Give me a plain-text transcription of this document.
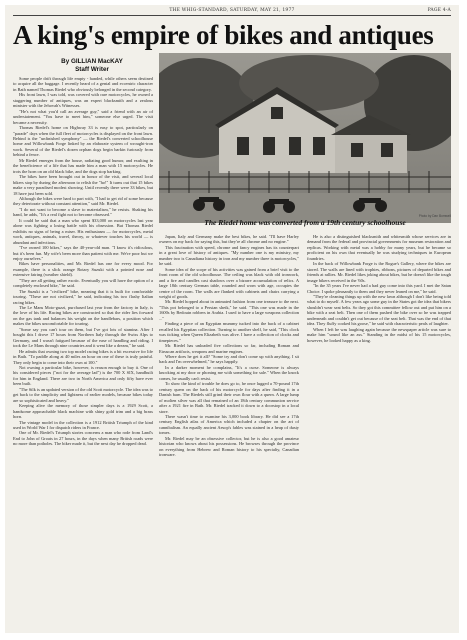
THE WHIG-STANDARD, SATURDAY, MAY 21, 1977	PAGE 4-A
A king's empire of bikes and antiques
By GILLIAN MacKAY
Staff Writer
Photo by Dan Bomwell
The Riedel home was converted from a 19th century schoolhouse

Some people drift through life empty - handed, while others seem destined to acquire all the baggage. I recently heard of a genial and eccentric character in Bath named Thomas Riedel who obviously belonged in the second category.

His front lawn, I was told, was covered with rare motorcycles, he owned a staggering number of antiques, was an expert blacksmith and a zealous minister with the Jehovah's Witnesses.

"He's not what you'd call an average guy," said a friend with an air of understatement. "You have to meet him," someone else urged. The visit became a necessity.

Thomas Riedel's home on Highway 33 is easy to spot, particularly on "parade" days when the full fleet of motorcycles is displayed on the front lawn. Behind is the "unfinished symphony" — the Riedel's converted schoolhouse home and Willowbank Forge linked by an elaborate system of wrought-iron work. Several of the Riedel's dozen orphan dogs begin barkin furiously from behind a fence.

Mr Riedel emerges from the house, radiating good humor, and exulting in the beneficience of a life that has made him a man with 15 motorcycles. He trots the horn on an old black bike, and the dogs stop barking.

The bikes have been brought out in honor of the visit, and several local bikers stop by during the afternoon to relish the "ho!" It turns out that 15 bikes make a very paradised modest showing. Until recently there were 33 bikes, but 18 have just been sold.

Although the bikes were hard to part with, "I had to get rid of some because they deteriorate without constant attention," said Mr. Riedel.

"I do not want to become a slave to materialism," he resists. Shaking his hand, he adds, "It's a real fight not to become obsessed."

It could be said that a man who spent $33,000 on motorcycles last year alone was fighting a losing battle with his obsession. But Thomas Riedel exhibits no signs of being a miser. His enthusiasm — for motorcycles, metal work, antiques, animals, travel, theory, or whatever touches his world — is abundant and infectious.

"I've owned 100 bikes," says the 40-year-old man. "I know it's ridiculous, but it's been fun. My wife's been more than patient with me. We're poor but we enjoy ourselves."

Bikes have personalities, and Mr. Riedel has one for every mood. For example, there is a slick orange Rotary Suzuki with a pointed nose and extensive fairing (weather shield).

"They are all getting rather exotic. Eventually you will have the option of a completely enclosed bike," he said.

The Suzuki is a "civilized" bike, meaning that it is built for comfortable touring. "These are not civilized," he said, indicating his two flashy Italian racing bikes.

The Le Mans Moto-guzzi, purchased last year from the factory in Italy, is the love of his life. Racing bikes are constructed so that the rider lies forward on the gas tank and balances his weight on the handlebars, a position which makes the bikes uncomfortable for touring.

"Some say you can't tour on them, but I've got lots of stamina. After I bought this I drove 17 hours from Northern Italy through the Swiss Alps to Germany, and I wasn't fatigued because of the ease of handling and riding. I took the Le Mans through nine countries and it went like a dream," he said.

He admits that owning two top model racing bikes is a bit excessive for life in Bath. "To paddle along at 40 miles an hour on one of these is truly painful. They only begin to come into their own at 100."

Not owning a particular bike, however, is reason enough to buy it. One of his considered pieces ("not for the average lad") is the 700 X SIX, handbuilt for him in England. There are two in North America and only fifty have ever been built.

"The Silk is an updated version of the old Scott motorcycle. The idea was to get back to the simplicity and lightness of earlier models, because bikes today are so sophisticated and heavy."

Keeping alive the memory of those simpler days is a 1929 Scott, a handsome approachable black machine with shiny gold trim and a big brass horn.

The vintage model in the collection is a 1912 British Triumph of the kind used in World War I for dispatch riders in France.

One of Mr. Riedel's Triumph stories concerns a man who rode from Land's End to John of Groats in 27 hours, in the days when many British roads were no more than potholes. The biker made it, but the next day he dropped dead.

Japan, Italy and Germany make the best bikes, he said. "I'll have Harley owners on my back for saying this, but they're all chrome and no engine."

This fascination with speed, chrome and fancy engines has its counterpart in a great love of history of antiques. "My number one is my ministry, my number two is Canadiana history in iron and my number three is motorcycles," he said.

Some idea of the scope of his activities was gained from a brief visit to the front room of the old schoolhouse. The ceiling was black with old ironwork, and a fire and candles cast shadows over a bizarre accumulation of relics. A large 18th century German table, rounded and worn with age, occupies the centre of the room. The walls are flanked with cabinets and chairs carrying a weight of goods.

Mr. Riedel hopped about in animated fashion from one treasure to the next. "This pot belonged to a Persian sheik," he said. "This one was made in the 1600s by Bedouin robbers in Arabia. I used to have a large weapons collection ..."

Finding a piece of an Egyptian mummy tucked into the back of a cabinet recalled his Egyptian collection. Turning to another shelf, he said, "This clock was ticking when Queen Elizabeth was alive. I have a collection of clocks and timepieces."

Mr. Riedel has unloaded five collections so far, including Roman and Etruscan artifacts, weapons and marine engines.

Where does he get it all? "Some try and don't come up with anything. I sit back and I'm overwhelmed," he says happily.

In a darker moment he complains, "It's a curse. Someone is always knocking at my door or phoning me with something for sale." When the knock comes, he usually can't resist.

To show the kind of trouble he does go to, he once lugged a 70-pound 17th century quern on the back of his motorcycle for days after finding it in a Danish barn. The Riedels still grind their own flour with a quern. A large lump of molten silver was all that remained of an 18th century communion service after a 1921 fire in Bath. Mr. Riedel tracked it down to a doorstop in a local store.

There wasn't time to examine his 3,000 book library. He did see a 17th century English atlas of America which included a chapter on the art of cannibalism. An equally ancient Aesop's fables was stained in a heap of dusty tomes.

Mr. Riedel may be an obsessive collector, but he is also a good amateur historian who knows about his possessions. He browses through the province on everything from Hebrew and Roman history to his specialty, Canadian ironware.

He is also a distinguished blacksmith and whitesmith whose services are in demand from the federal and provincial governments for museum restoration and replicas. Working with metal was a hobby for many years, but he became so proficient on his own that eventually he was studying techniques in European foundries.

In the back of Willowbank Forge is the Rogue's Gallery, where the bikes are stored. The walls are lined with trophies, ribbons, pictures of departed bikes and friends at rallies. Mr. Riedel likes joking about bikes, but he doesn't like the tough image bikers received in the '60s.

"In the 35 years I've never had a bad guy come into this yard. I met the Satan Choice. I spoke pleasantly to them and they never leaned on me," he said.

"They're cleaning things up with the new lawn although I don't like being told what to do myself. A few years ago some guy in the States got the idea that bikers shouldn't wear seat belts. So they got this committee fellow out and put him on a bike with a seat belt. Then one of them pushed the bike over so he was trapped underneath and couldn't get out because of the seat belt. That was the end of that idea. They fluffy cooked his goose," he said with characteristic peals of laughter.

When I left he was laughing again because the newspaper article was sure to make him "sound like an ass." Standing in the midst of his 15 motorcycles, however, he looked happy as a king.
